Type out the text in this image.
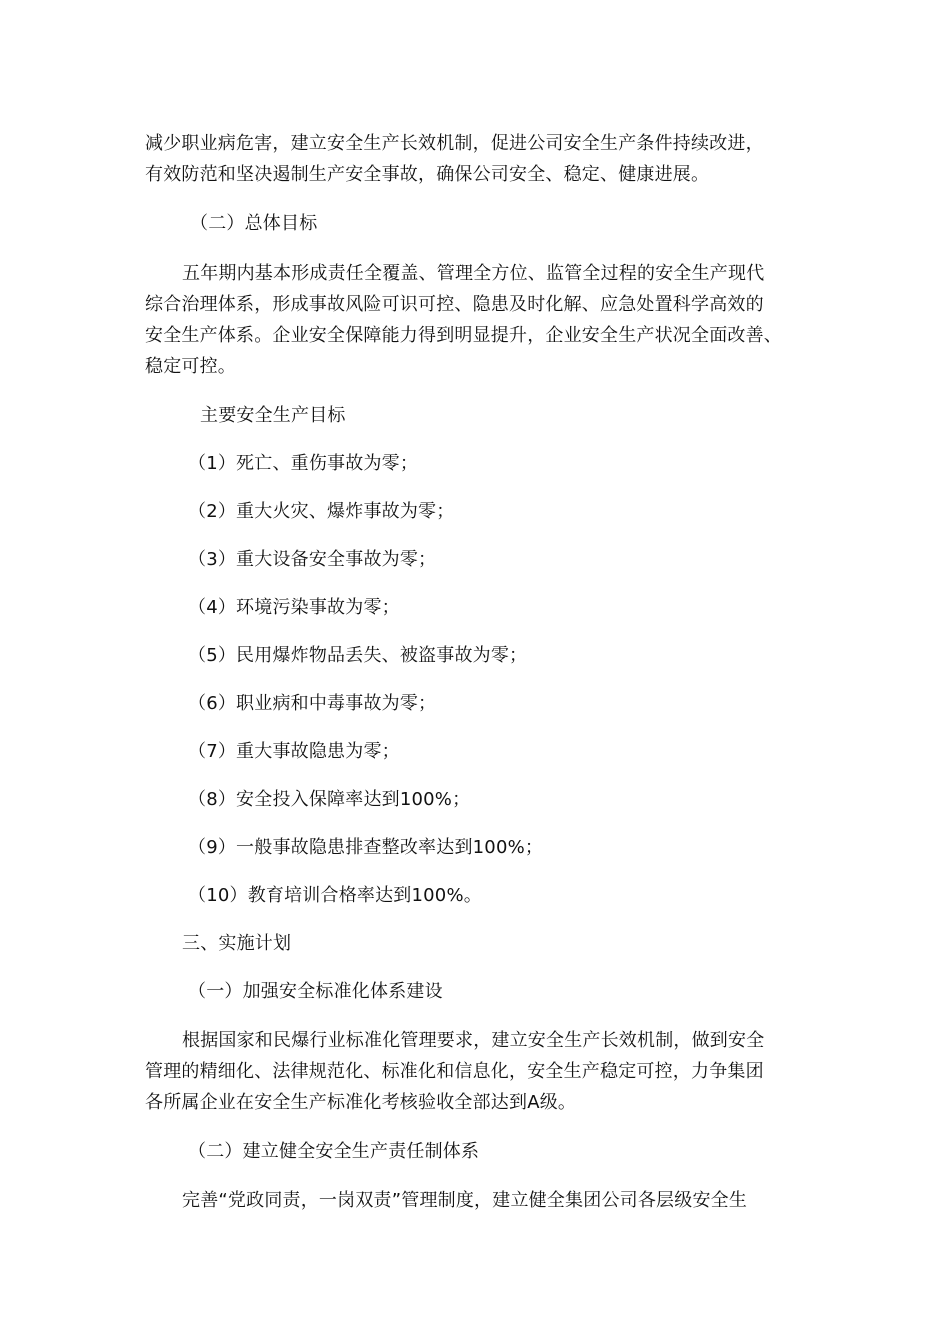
减少职业病危害，建立安全生产长效机制，促进公司安全生产条件持续改进，
有效防范和坚决遏制生产安全事故，确保公司安全、稳定、健康进展。
（二）总体目标
五年期内基本形成责任全覆盖、管理全方位、监管全过程的安全生产现代
综合治理体系，形成事故风险可识可控、隐患及时化解、应急处置科学高效的
安全生产体系。企业安全保障能力得到明显提升，企业安全生产状况全面改善、
稳定可控。
主要安全生产目标
（1）死亡、重伤事故为零；
（2）重大火灾、爆炸事故为零；
（3）重大设备安全事故为零；
（4）环境污染事故为零；
（5）民用爆炸物品丢失、被盗事故为零；
（6）职业病和中毒事故为零；
（7）重大事故隐患为零；
（8）安全投入保障率达到100%；
（9）一般事故隐患排查整改率达到100%；
（10）教育培训合格率达到100%。
三、实施计划
（一）加强安全标准化体系建设
根据国家和民爆行业标准化管理要求，建立安全生产长效机制，做到安全
管理的精细化、法律规范化、标准化和信息化，安全生产稳定可控，力争集团
各所属企业在安全生产标准化考核验收全部达到A级。
（二）建立健全安全生产责任制体系
完善“党政同责，一岗双责”管理制度，建立健全集团公司各层级安全生
